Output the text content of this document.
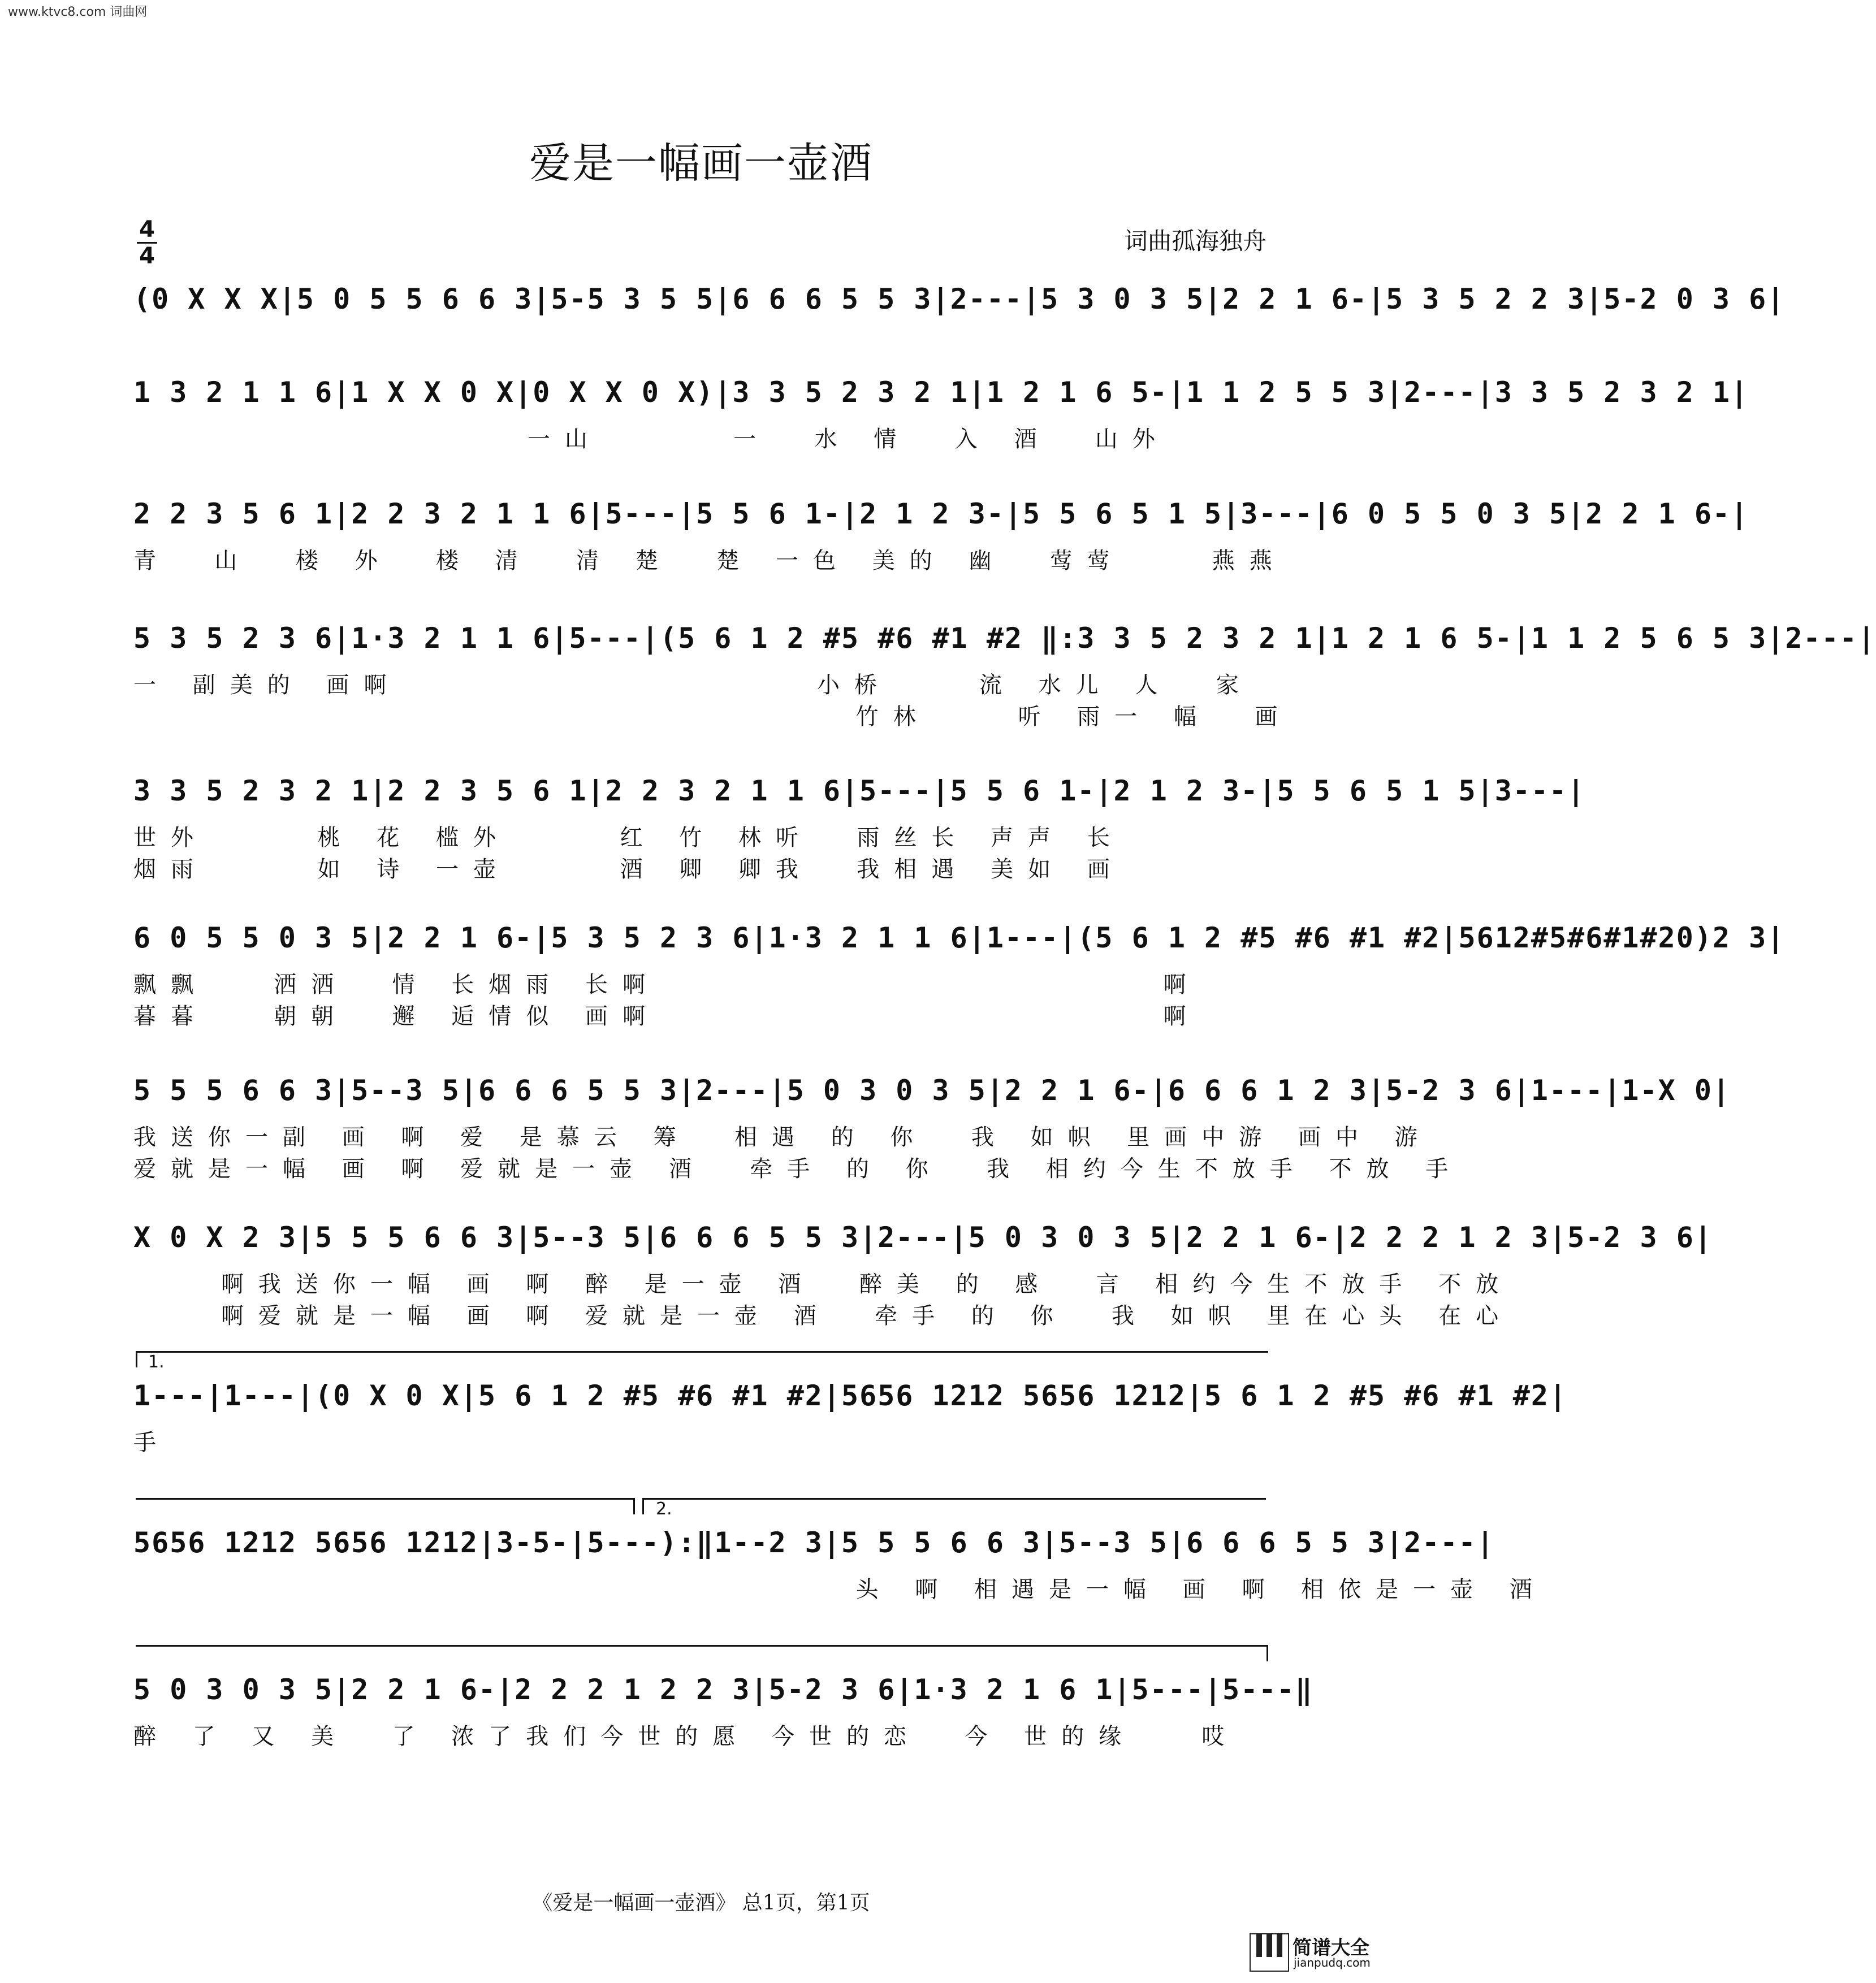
www.ktvc8.com 词曲网
爱是一幅画一壶酒
词曲孤海独舟
4
4
(0 X X X|5 0 5 5 6 6 3|5-5 3 5 5|6 6 6 5 5 3|2---|5 3 0 3 5|2 2 1 6-|5 3 5 2 2 3|5-2 0 3 6|
1 3 2 1 1 6|1 X X 0 X|0 X X 0 X)|3 3 5 2 3 2 1|1 2 1 6 5-|1 1 2 5 5 3|2---|3 3 5 2 3 2 1|
一山      一  水 情  入 酒  山外
2 2 3 5 6 1|2 2 3 2 1 1 6|5---|5 5 6 1-|2 1 2 3-|5 5 6 5 1 5|3---|6 0 5 5 0 3 5|2 2 1 6-|
青  山  楼 外  楼 清  清 楚  楚 一色 美的 幽  莺莺    燕燕
5 3 5 2 3 6|1·3 2 1 1 6|5---|(5 6 1 2 #5 #6 #1 #2 ‖:3 3 5 2 3 2 1|1 2 1 6 5-|1 1 2 5 6 5 3|2---|
一 副美的 画啊                   小桥    流 水儿 人  家
竹林    听 雨一 幅  画
3 3 5 2 3 2 1|2 2 3 5 6 1|2 2 3 2 1 1 6|5---|5 5 6 1-|2 1 2 3-|5 5 6 5 1 5|3---|
世外     桃 花 槛外     红 竹 林听  雨丝长 声声 长
烟雨     如 诗 一壶     酒 卿 卿我  我相遇 美如 画
6 0 5 5 0 3 5|2 2 1 6-|5 3 5 2 3 6|1·3 2 1 1 6|1---|(5 6 1 2 #5 #6 #1 #2|5612#5#6#1#20)2 3|
飘飘   洒洒  情 长烟雨 长啊                       啊
暮暮   朝朝  邂 逅情似 画啊                       啊
5 5 5 6 6 3|5--3 5|6 6 6 5 5 3|2---|5 0 3 0 3 5|2 2 1 6-|6 6 6 1 2 3|5-2 3 6|1---|1-X 0|
我送你一副 画 啊 爱 是慕云 筹  相遇 的 你  我 如帜 里画中游 画中 游
爱就是一幅 画 啊 爱就是一壶 酒  牵手 的 你  我 相约今生不放手 不放 手
X 0 X 2 3|5 5 5 6 6 3|5--3 5|6 6 6 5 5 3|2---|5 0 3 0 3 5|2 2 1 6-|2 2 2 1 2 3|5-2 3 6|
啊我送你一幅 画 啊 醉 是一壶 酒  醉美 的 感  言 相约今生不放手 不放
啊爱就是一幅 画 啊 爱就是一壶 酒  牵手 的 你  我 如帜 里在心头 在心
1.
1---|1---|(0 X 0 X|5 6 1 2 #5 #6 #1 #2|5656 1212 5656 1212|5 6 1 2 #5 #6 #1 #2|
手
2.
5656 1212 5656 1212|3-5-|5---):‖1--2 3|5 5 5 6 6 3|5--3 5|6 6 6 5 5 3|2---|
头 啊 相遇是一幅 画 啊 相依是一壶 酒
5 0 3 0 3 5|2 2 1 6-|2 2 2 1 2 2 3|5-2 3 6|1·3 2 1 6 1|5---|5---‖
醉 了 又 美  了 浓了我们今世的愿 今世的恋  今 世的缘   哎
《爱是一幅画一壶酒》 总1页，第1页
简谱大全
jianpudq.com
